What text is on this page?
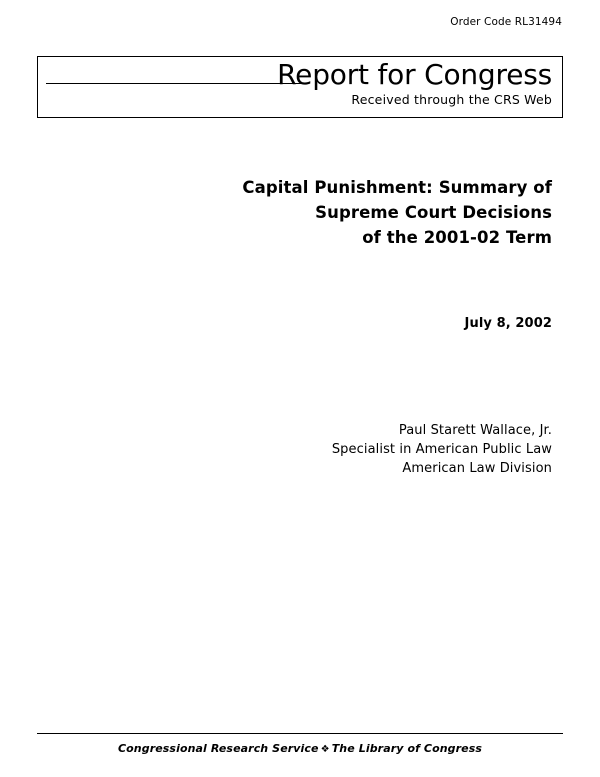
Order Code RL31494
Report for Congress
Received through the CRS Web
Capital Punishment: Summary of
Supreme Court Decisions
of the 2001-02 Term
July 8, 2002
Paul Starett Wallace, Jr.
Specialist in American Public Law
American Law Division
Congressional Research Service ❖ The Library of Congress
